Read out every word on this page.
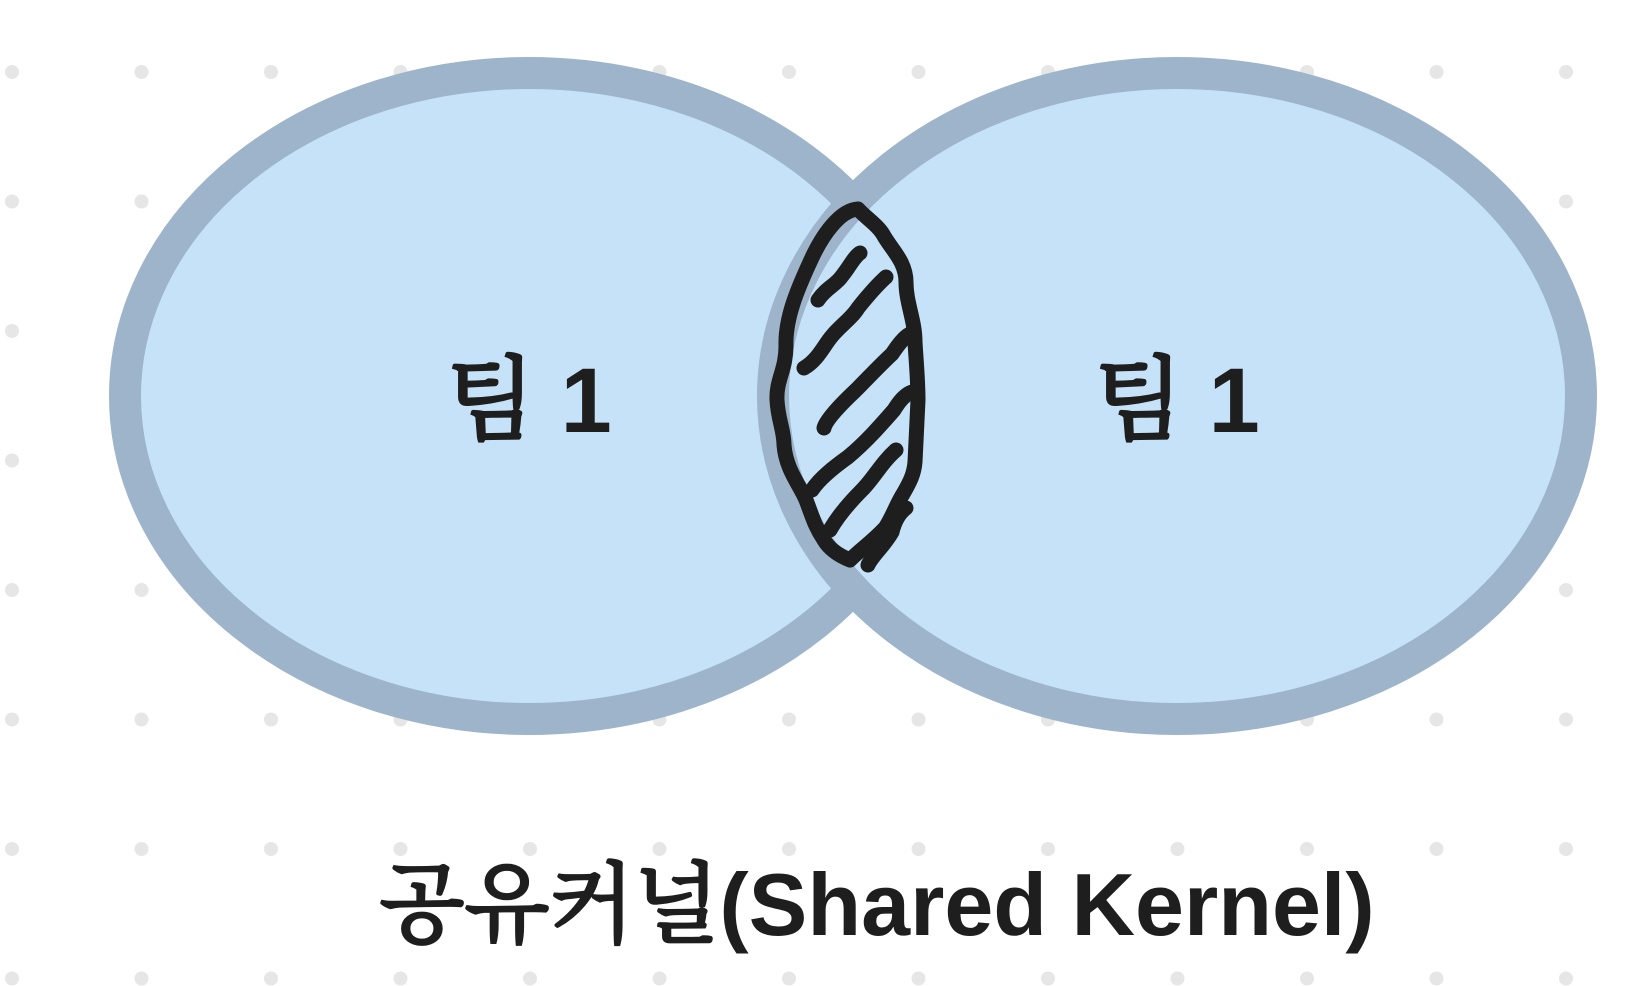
팀 1	팀 1
공유커널(Shared Kernel)
